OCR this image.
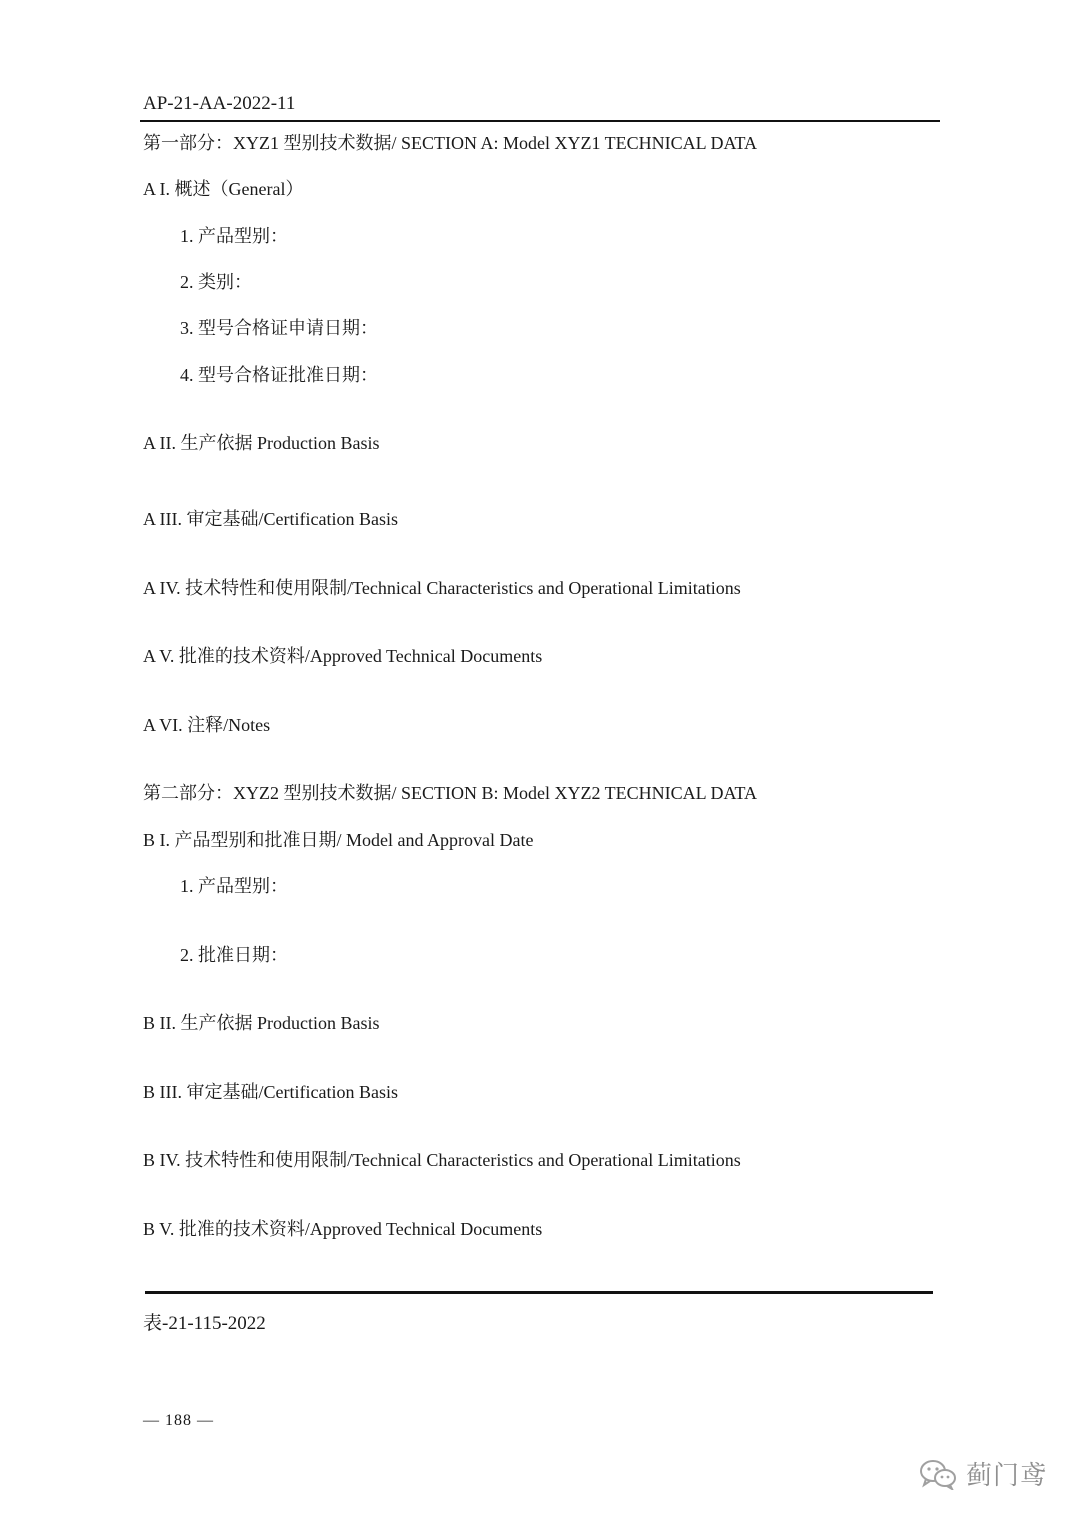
AP-21-AA-2022-11
第一部分：XYZ1 型别技术数据/ SECTION A: Model XYZ1 TECHNICAL DATA
A I. 概述（General）
1. 产品型别：
2. 类别：
3. 型号合格证申请日期：
4. 型号合格证批准日期：
A II. 生产依据 Production Basis
A III. 审定基础/Certification Basis
A IV. 技术特性和使用限制/Technical Characteristics and Operational Limitations
A V. 批准的技术资料/Approved Technical Documents
A VI. 注释/Notes
第二部分：XYZ2 型别技术数据/ SECTION B: Model XYZ2 TECHNICAL DATA
B I. 产品型别和批准日期/ Model and Approval Date
1. 产品型别：
2. 批准日期：
B II. 生产依据 Production Basis
B III. 审定基础/Certification Basis
B IV. 技术特性和使用限制/Technical Characteristics and Operational Limitations
B V. 批准的技术资料/Approved Technical Documents
表-21-115-2022
— 188 —
蓟门鸢
